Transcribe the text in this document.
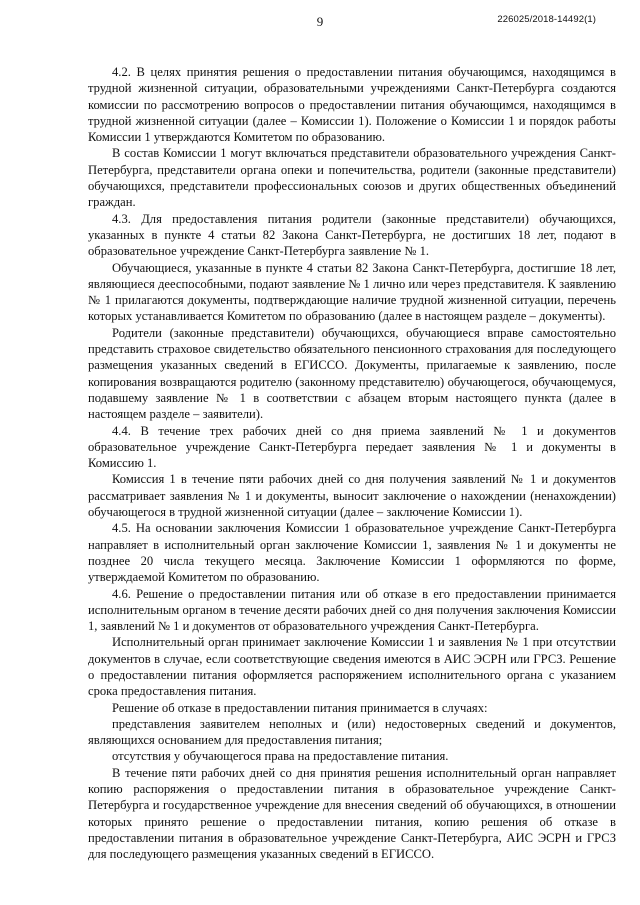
9	226025/2018-14492(1)

4.2. В целях принятия решения о предоставлении питания обучающимся, находящимся в трудной жизненной ситуации, образовательными учреждениями Санкт-Петербурга создаются комиссии по рассмотрению вопросов о предоставлении питания обучающимся, находящимся в трудной жизненной ситуации (далее – Комиссии 1). Положение о Комиссии 1 и порядок работы Комиссии 1 утверждаются Комитетом по образованию.

В состав Комиссии 1 могут включаться представители образовательного учреждения Санкт-Петербурга, представители органа опеки и попечительства, родители (законные представители) обучающихся, представители профессиональных союзов и других общественных объединений граждан.

4.3. Для предоставления питания родители (законные представители) обучающихся, указанных в пункте 4 статьи 82 Закона Санкт-Петербурга, не достигших 18 лет, подают в образовательное учреждение Санкт-Петербурга заявление № 1.

Обучающиеся, указанные в пункте 4 статьи 82 Закона Санкт-Петербурга, достигшие 18 лет, являющиеся дееспособными, подают заявление № 1 лично или через представителя. К заявлению № 1 прилагаются документы, подтверждающие наличие трудной жизненной ситуации, перечень которых устанавливается Комитетом по образованию (далее в настоящем разделе – документы).

Родители (законные представители) обучающихся, обучающиеся вправе самостоятельно представить страховое свидетельство обязательного пенсионного страхования для последующего размещения указанных сведений в ЕГИССО. Документы, прилагаемые к заявлению, после копирования возвращаются родителю (законному представителю) обучающегося, обучающемуся, подавшему заявление № 1 в соответствии с абзацем вторым настоящего пункта (далее в настоящем разделе – заявители).

4.4. В течение трех рабочих дней со дня приема заявлений № 1 и документов образовательное учреждение Санкт-Петербурга передает заявления № 1 и документы в Комиссию 1.

Комиссия 1 в течение пяти рабочих дней со дня получения заявлений № 1 и документов рассматривает заявления № 1 и документы, выносит заключение о нахождении (ненахождении) обучающегося в трудной жизненной ситуации (далее – заключение Комиссии 1).

4.5. На основании заключения Комиссии 1 образовательное учреждение Санкт-Петербурга направляет в исполнительный орган заключение Комиссии 1, заявления № 1 и документы не позднее 20 числа текущего месяца. Заключение Комиссии 1 оформляются по форме, утверждаемой Комитетом по образованию.

4.6. Решение о предоставлении питания или об отказе в его предоставлении принимается исполнительным органом в течение десяти рабочих дней со дня получения заключения Комиссии 1, заявлений № 1 и документов от образовательного учреждения Санкт-Петербурга.

Исполнительный орган принимает заключение Комиссии 1 и заявления № 1 при отсутствии документов в случае, если соответствующие сведения имеются в АИС ЭСРН или ГРСЗ. Решение о предоставлении питания оформляется распоряжением исполнительного органа с указанием срока предоставления питания.

Решение об отказе в предоставлении питания принимается в случаях:

представления заявителем неполных и (или) недостоверных сведений и документов, являющихся основанием для предоставления питания;

отсутствия у обучающегося права на предоставление питания.

В течение пяти рабочих дней со дня принятия решения исполнительный орган направляет копию распоряжения о предоставлении питания в образовательное учреждение Санкт-Петербурга и государственное учреждение для внесения сведений об обучающихся, в отношении которых принято решение о предоставлении питания, копию решения об отказе в предоставлении питания в образовательное учреждение Санкт-Петербурга, АИС ЭСРН и ГРСЗ для последующего размещения указанных сведений в ЕГИССО.
